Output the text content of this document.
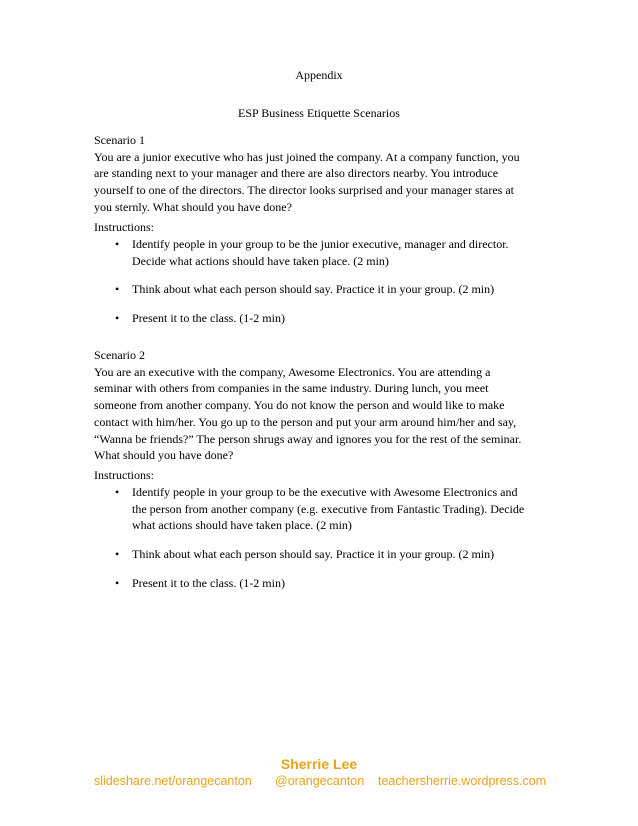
Appendix
ESP Business Etiquette Scenarios

Scenario 1

You are a junior executive who has just joined the company. At a company function, you

are standing next to your manager and there are also directors nearby. You introduce

yourself to one of the directors. The director looks surprised and your manager stares at

you sternly. What should you have done?

Instructions:
• Identify people in your group to be the junior executive, manager and director.
Decide what actions should have taken place. (2 min)
• Think about what each person should say. Practice it in your group. (2 min)
• Present it to the class. (1-2 min)

Scenario 2

You are an executive with the company, Awesome Electronics. You are attending a

seminar with others from companies in the same industry. During lunch, you meet

someone from another company. You do not know the person and would like to make

contact with him/her. You go up to the person and put your arm around him/her and say,

“Wanna be friends?” The person shrugs away and ignores you for the rest of the seminar.

What should you have done?

Instructions:
• Identify people in your group to be the executive with Awesome Electronics and
the person from another company (e.g. executive from Fantastic Trading). Decide
what actions should have taken place. (2 min)
• Think about what each person should say. Practice it in your group. (2 min)
• Present it to the class. (1-2 min)
Sherrie Lee
slideshare.net/orangecanton @orangecanton teachersherrie.wordpress.com
